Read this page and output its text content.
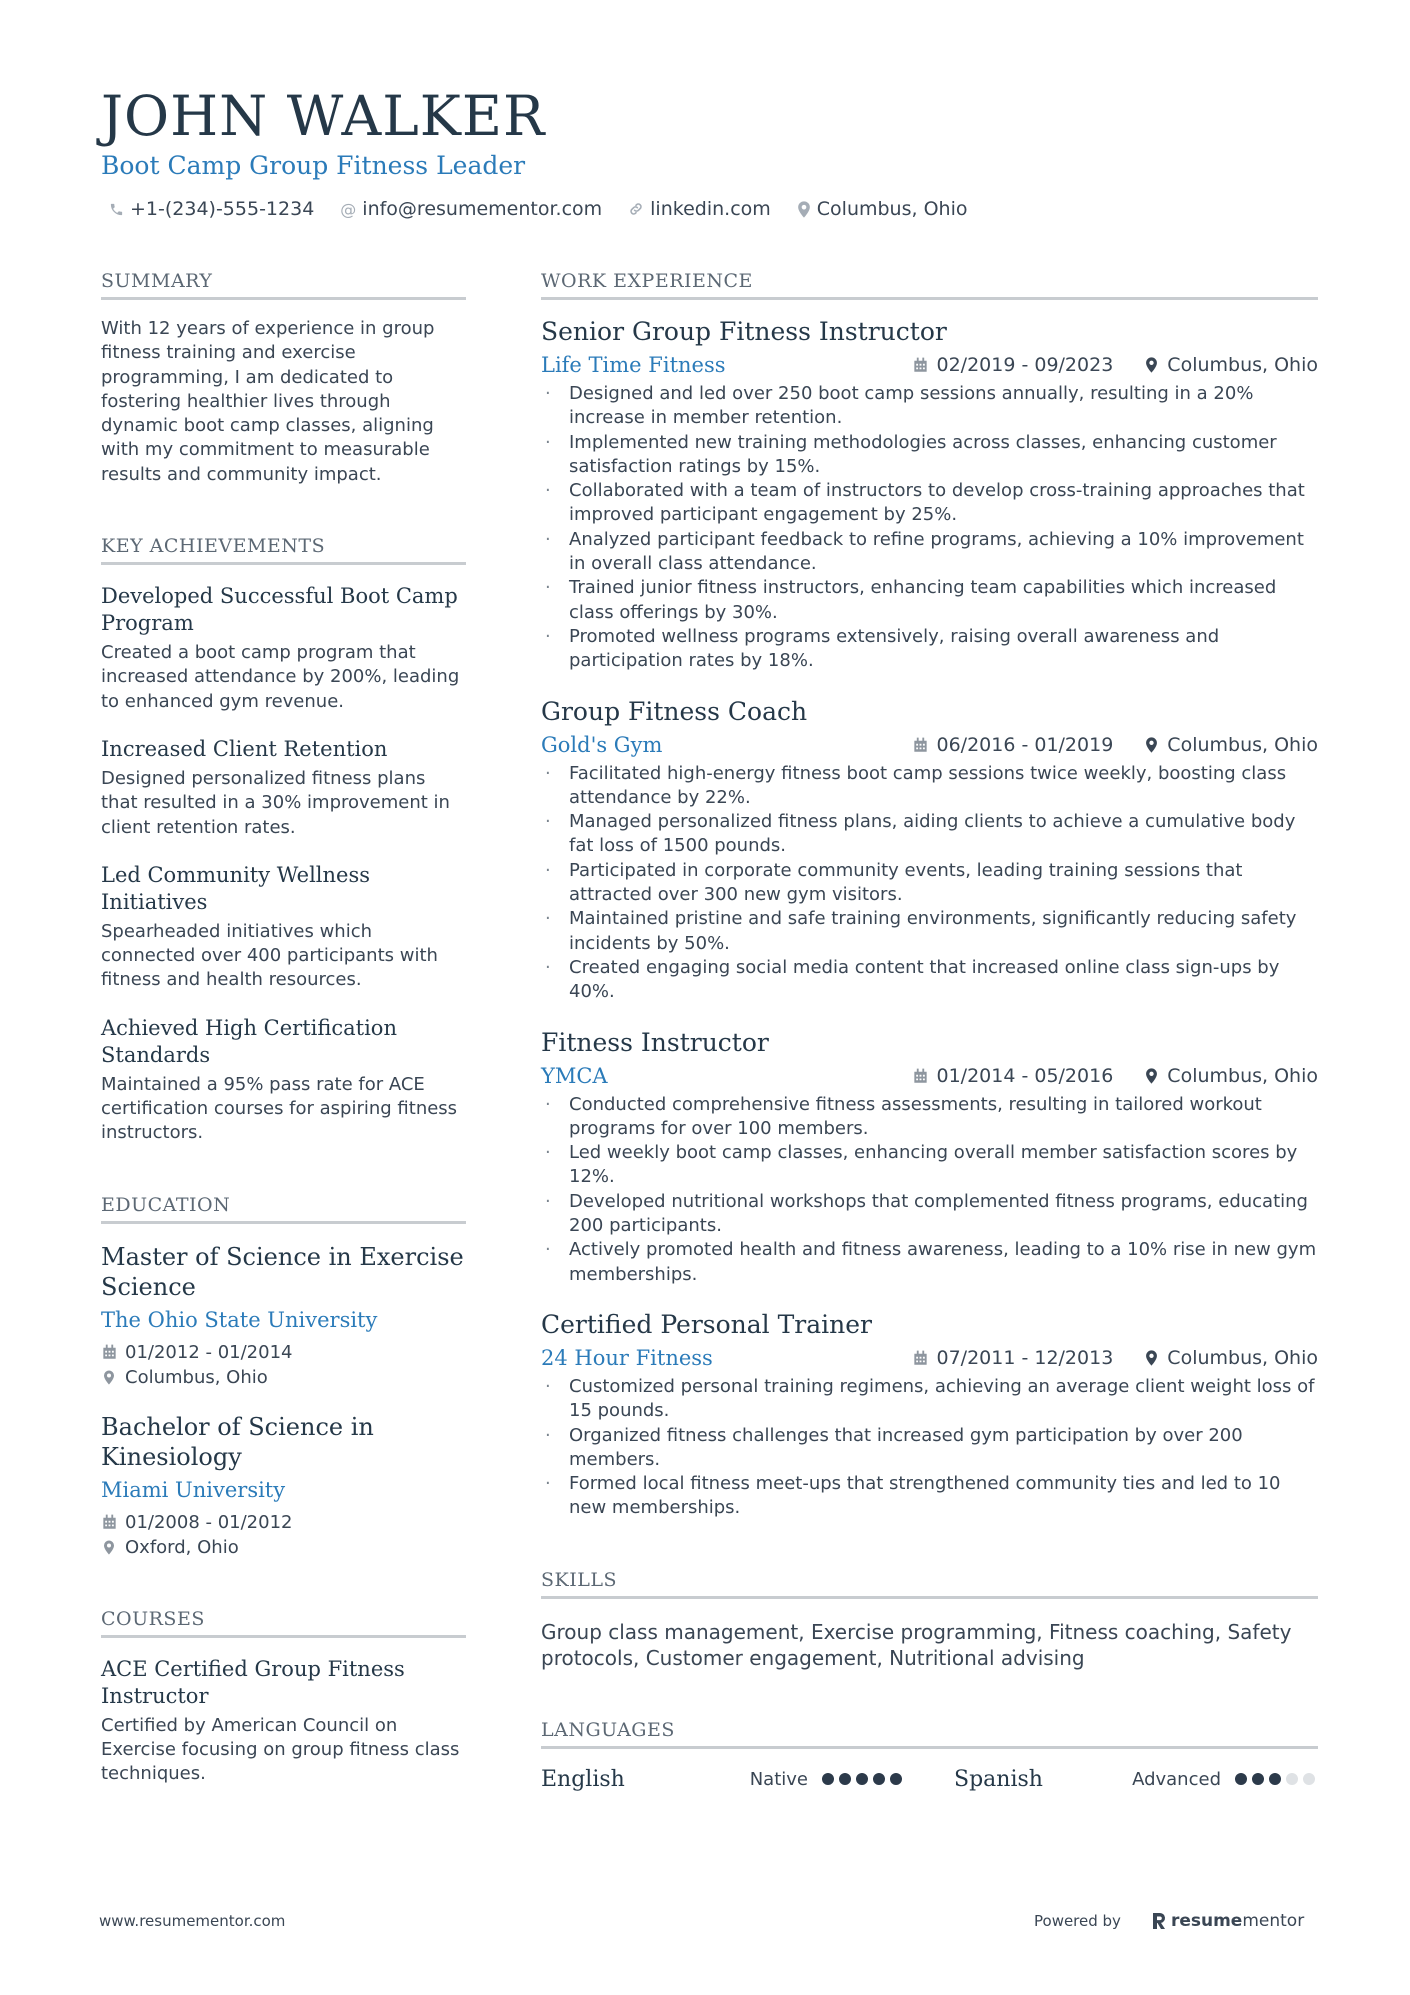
JOHN WALKER
Boot Camp Group Fitness Leader
+1-(234)-555-1234 @ info@resumementor.com	linkedin.com Columbus, Ohio
SUMMARY
With 12 years of experience in group fitness training and exercise programming, I am dedicated to fostering healthier lives through dynamic boot camp classes, aligning with my commitment to measurable results and community impact.
KEY ACHIEVEMENTS
Developed Successful Boot Camp Program
Created a boot camp program that increased attendance by 200%, leading to enhanced gym revenue.
Increased Client Retention
Designed personalized fitness plans that resulted in a 30% improvement in client retention rates.
Led Community Wellness Initiatives
Spearheaded initiatives which connected over 400 participants with fitness and health resources.
Achieved High Certification Standards
Maintained a 95% pass rate for ACE certification courses for aspiring fitness instructors.
EDUCATION
Master of Science in Exercise Science
The Ohio State University
01/2012 - 01/2014
Columbus, Ohio
Bachelor of Science in Kinesiology
Miami University
01/2008 - 01/2012
Oxford, Ohio
COURSES
ACE Certified Group Fitness Instructor
Certified by American Council on Exercise focusing on group fitness class techniques.
WORK EXPERIENCE
Senior Group Fitness Instructor
Life Time Fitness	02/2019 - 09/2023	Columbus, Ohio
· Designed and led over 250 boot camp sessions annually, resulting in a 20% increase in member retention.
· Implemented new training methodologies across classes, enhancing customer satisfaction ratings by 15%.
· Collaborated with a team of instructors to develop cross-training approaches that improved participant engagement by 25%.
· Analyzed participant feedback to refine programs, achieving a 10% improvement in overall class attendance.
· Trained junior fitness instructors, enhancing team capabilities which increased class offerings by 30%.
· Promoted wellness programs extensively, raising overall awareness and participation rates by 18%.
Group Fitness Coach
Gold's Gym	06/2016 - 01/2019	Columbus, Ohio
· Facilitated high-energy fitness boot camp sessions twice weekly, boosting class attendance by 22%.
· Managed personalized fitness plans, aiding clients to achieve a cumulative body fat loss of 1500 pounds.
· Participated in corporate community events, leading training sessions that attracted over 300 new gym visitors.
· Maintained pristine and safe training environments, significantly reducing safety incidents by 50%.
· Created engaging social media content that increased online class sign-ups by 40%.
Fitness Instructor
YMCA	01/2014 - 05/2016	Columbus, Ohio
· Conducted comprehensive fitness assessments, resulting in tailored workout programs for over 100 members.
· Led weekly boot camp classes, enhancing overall member satisfaction scores by 12%.
· Developed nutritional workshops that complemented fitness programs, educating 200 participants.
· Actively promoted health and fitness awareness, leading to a 10% rise in new gym memberships.
Certified Personal Trainer
24 Hour Fitness	07/2011 - 12/2013	Columbus, Ohio
· Customized personal training regimens, achieving an average client weight loss of 15 pounds.
· Organized fitness challenges that increased gym participation by over 200 members.
· Formed local fitness meet-ups that strengthened community ties and led to 10 new memberships.
SKILLS
Group class management, Exercise programming, Fitness coaching, Safety protocols, Customer engagement, Nutritional advising
LANGUAGES
English	Native	Spanish	Advanced
www.resumementor.com	Powered by	resume mentor
